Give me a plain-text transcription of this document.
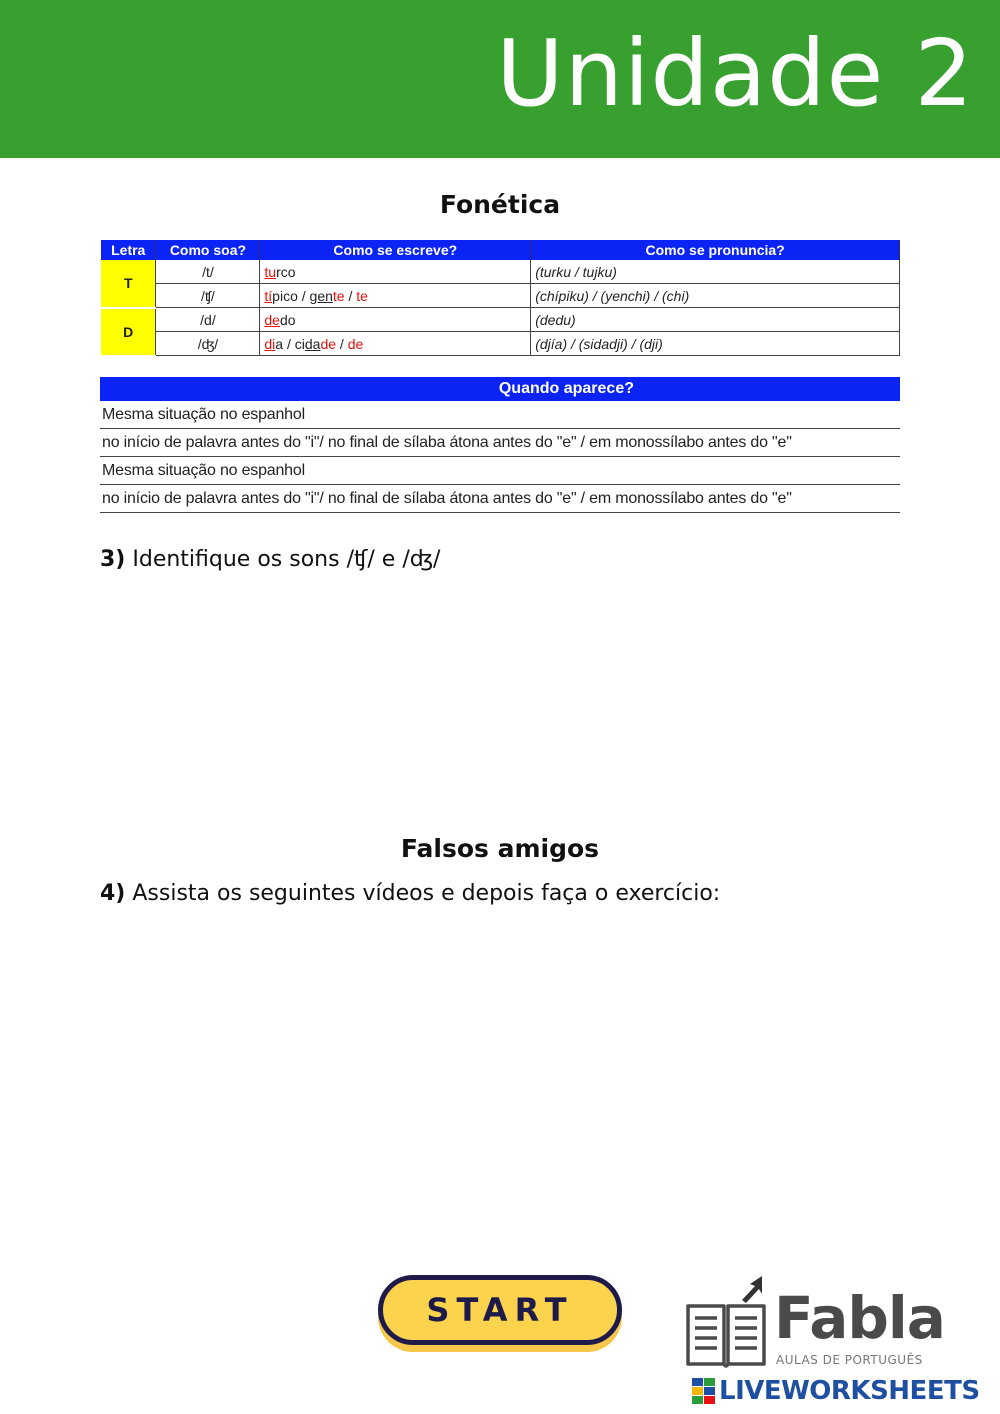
Unidade 2
Fonética
Letra	Como soa?	Como se escreve?	Como se pronuncia?
T	/t/	turco	(turku / tujku)
	/ʧ/	típico / gente / te	(chípiku) / (yenchi) / (chi)
D	/d/	dedo	(dedu)
	/ʤ/	dia / cidade / de	(djía) / (sidadji) / (dji)
Quando aparece?
Mesma situação no espanhol
no início de palavra antes do "i"/ no final de sílaba átona antes do "e" / em monossílabo antes do "e"
Mesma situação no espanhol
no início de palavra antes do "i"/ no final de sílaba átona antes do "e" / em monossílabo antes do "e"
3) Identifique os sons /ʧ/ e /ʤ/
Falsos amigos
4) Assista os seguintes vídeos e depois faça o exercício:
START	Fabla
AULAS DE PORTUGUÊS
LIVEWORKSHEETS
